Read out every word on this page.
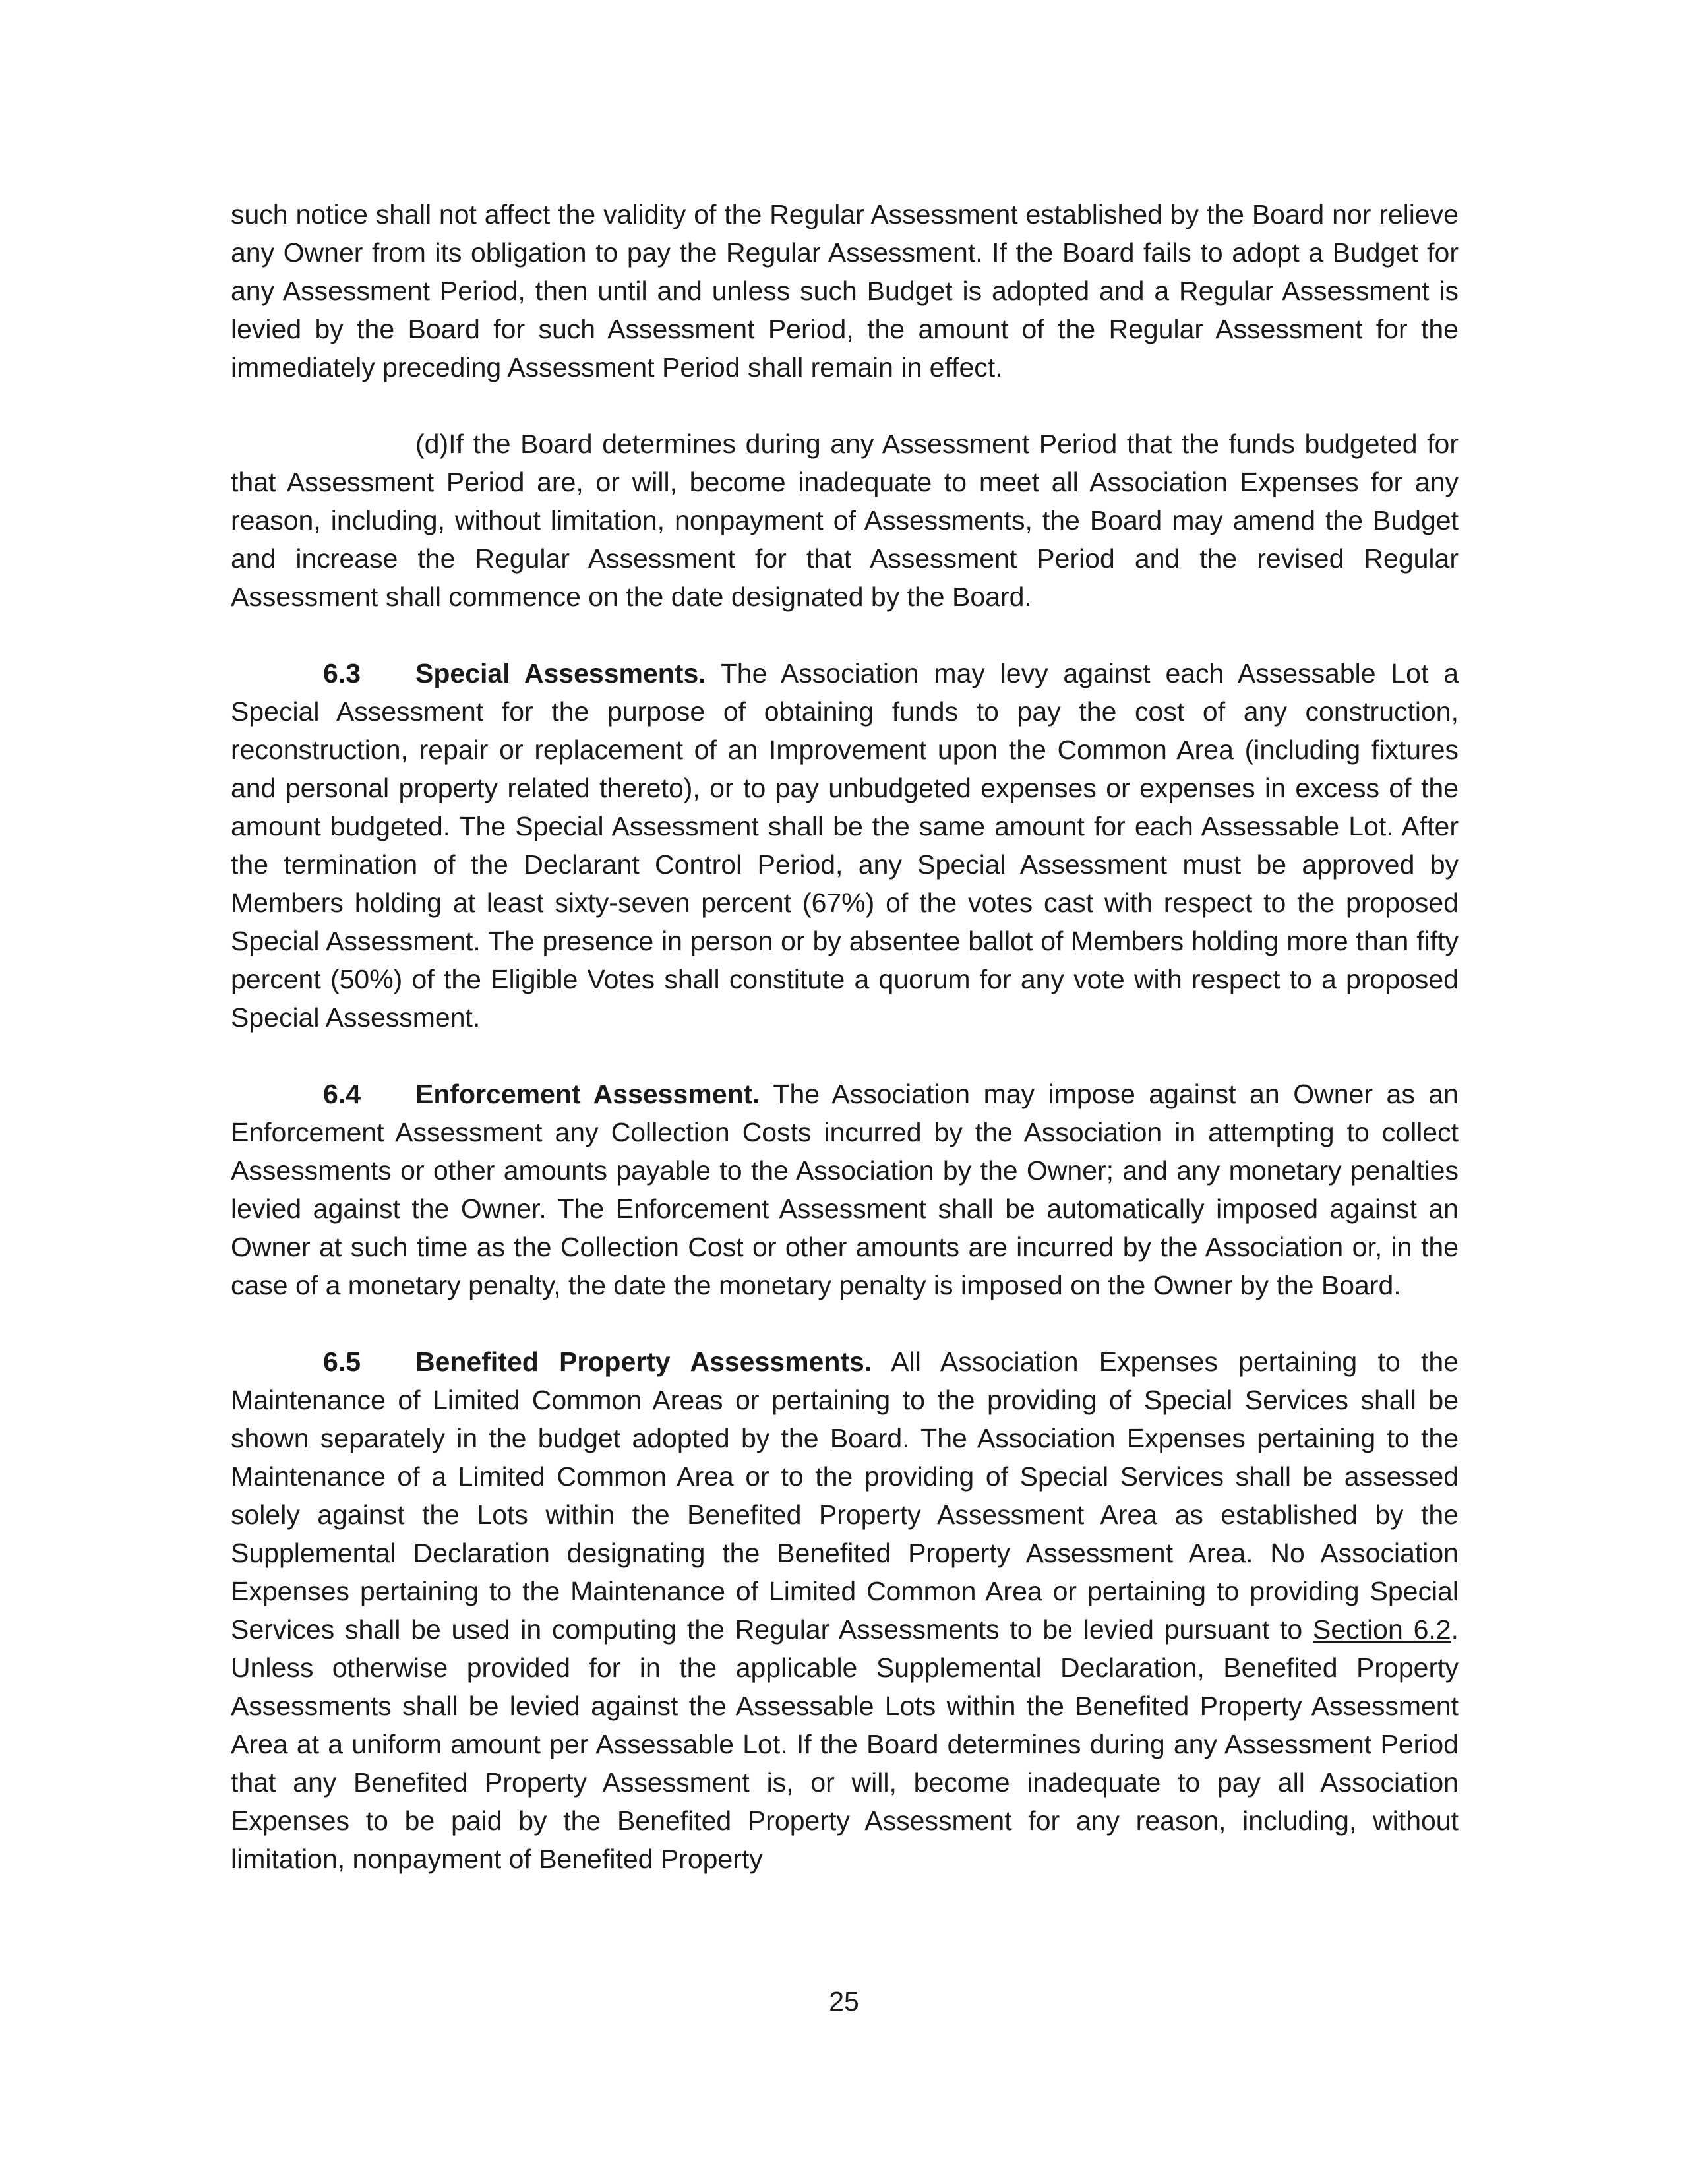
such notice shall not affect the validity of the Regular Assessment established by the Board nor relieve any Owner from its obligation to pay the Regular Assessment. If the Board fails to adopt a Budget for any Assessment Period, then until and unless such Budget is adopted and a Regular Assessment is levied by the Board for such Assessment Period, the amount of the Regular Assessment for the immediately preceding Assessment Period shall remain in effect.

(d)If the Board determines during any Assessment Period that the funds budgeted for that Assessment Period are, or will, become inadequate to meet all Association Expenses for any reason, including, without limitation, nonpayment of Assessments, the Board may amend the Budget and increase the Regular Assessment for that Assessment Period and the revised Regular Assessment shall commence on the date designated by the Board.

6.3 Special Assessments. The Association may levy against each Assessable Lot a Special Assessment for the purpose of obtaining funds to pay the cost of any construction, reconstruction, repair or replacement of an Improvement upon the Common Area (including fixtures and personal property related thereto), or to pay unbudgeted expenses or expenses in excess of the amount budgeted. The Special Assessment shall be the same amount for each Assessable Lot. After the termination of the Declarant Control Period, any Special Assessment must be approved by Members holding at least sixty-seven percent (67%) of the votes cast with respect to the proposed Special Assessment. The presence in person or by absentee ballot of Members holding more than fifty percent (50%) of the Eligible Votes shall constitute a quorum for any vote with respect to a proposed Special Assessment.

6.4 Enforcement Assessment. The Association may impose against an Owner as an Enforcement Assessment any Collection Costs incurred by the Association in attempting to collect Assessments or other amounts payable to the Association by the Owner; and any monetary penalties levied against the Owner. The Enforcement Assessment shall be automatically imposed against an Owner at such time as the Collection Cost or other amounts are incurred by the Association or, in the case of a monetary penalty, the date the monetary penalty is imposed on the Owner by the Board.

6.5 Benefited Property Assessments. All Association Expenses pertaining to the Maintenance of Limited Common Areas or pertaining to the providing of Special Services shall be shown separately in the budget adopted by the Board. The Association Expenses pertaining to the Maintenance of a Limited Common Area or to the providing of Special Services shall be assessed solely against the Lots within the Benefited Property Assessment Area as established by the Supplemental Declaration designating the Benefited Property Assessment Area. No Association Expenses pertaining to the Maintenance of Limited Common Area or pertaining to providing Special Services shall be used in computing the Regular Assessments to be levied pursuant to Section 6.2. Unless otherwise provided for in the applicable Supplemental Declaration, Benefited Property Assessments shall be levied against the Assessable Lots within the Benefited Property Assessment Area at a uniform amount per Assessable Lot. If the Board determines during any Assessment Period that any Benefited Property Assessment is, or will, become inadequate to pay all Association Expenses to be paid by the Benefited Property Assessment for any reason, including, without limitation, nonpayment of Benefited Property

25
